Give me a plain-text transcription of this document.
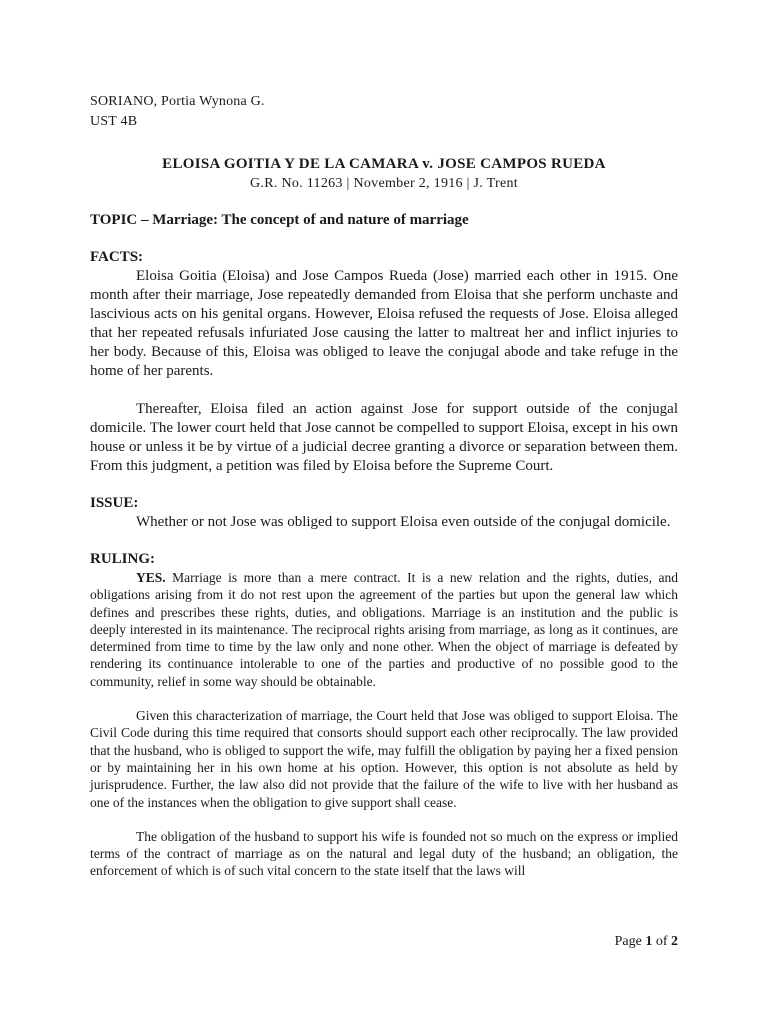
SORIANO, Portia Wynona G.
UST 4B
ELOISA GOITIA Y DE LA CAMARA v. JOSE CAMPOS RUEDA
G.R. No. 11263 | November 2, 1916 | J. Trent
TOPIC – Marriage: The concept of and nature of marriage
FACTS:

Eloisa Goitia (Eloisa) and Jose Campos Rueda (Jose) married each other in 1915. One month after their marriage, Jose repeatedly demanded from Eloisa that she perform unchaste and lascivious acts on his genital organs. However, Eloisa refused the requests of Jose. Eloisa alleged that her repeated refusals infuriated Jose causing the latter to maltreat her and inflict injuries to her body. Because of this, Eloisa was obliged to leave the conjugal abode and take refuge in the home of her parents.

Thereafter, Eloisa filed an action against Jose for support outside of the conjugal domicile. The lower court held that Jose cannot be compelled to support Eloisa, except in his own house or unless it be by virtue of a judicial decree granting a divorce or separation between them. From this judgment, a petition was filed by Eloisa before the Supreme Court.

ISSUE:

Whether or not Jose was obliged to support Eloisa even outside of the conjugal domicile.

RULING:

YES. Marriage is more than a mere contract. It is a new relation and the rights, duties, and obligations arising from it do not rest upon the agreement of the parties but upon the general law which defines and prescribes these rights, duties, and obligations. Marriage is an institution and the public is deeply interested in its maintenance. The reciprocal rights arising from marriage, as long as it continues, are determined from time to time by the law only and none other. When the object of marriage is defeated by rendering its continuance intolerable to one of the parties and productive of no possible good to the community, relief in some way should be obtainable.

Given this characterization of marriage, the Court held that Jose was obliged to support Eloisa. The Civil Code during this time required that consorts should support each other reciprocally. The law provided that the husband, who is obliged to support the wife, may fulfill the obligation by paying her a fixed pension or by maintaining her in his own home at his option. However, this option is not absolute as held by jurisprudence. Further, the law also did not provide that the failure of the wife to live with her husband as one of the instances when the obligation to give support shall cease.

The obligation of the husband to support his wife is founded not so much on the express or implied terms of the contract of marriage as on the natural and legal duty of the husband; an obligation, the enforcement of which is of such vital concern to the state itself that the laws will

Page 1 of 2
